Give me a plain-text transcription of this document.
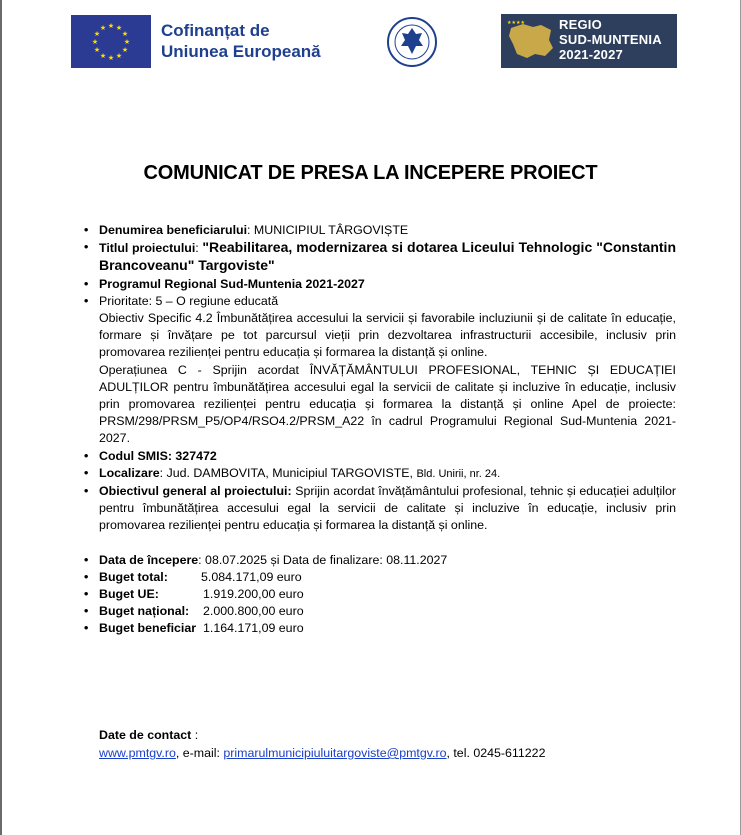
★ ★
★
★
★
★
★
★
★
★
★
★	Cofinanțat de
Uniunea Europeană
★★★★	REGIO
SUD-MUNTENIA
2021-2027
COMUNICAT DE PRESA LA INCEPERE PROIECT
• Denumirea beneficiarului: MUNICIPIUL TÂRGOVIȘTE
• Titlul proiectului: "Reabilitarea, modernizarea si dotarea Liceului Tehnologic "Constantin Brancoveanu" Targoviste"
• Programul Regional Sud-Muntenia 2021-2027
• Prioritate: 5 – O regiune educată
Obiectiv Specific 4.2 Îmbunătățirea accesului la servicii și favorabile incluziunii și de calitate în educație, formare și învățare pe tot parcursul vieții prin dezvoltarea infrastructurii accesibile, inclusiv prin promovarea rezilienței pentru educația și formarea la distanță și online.
Operațiunea C - Sprijin acordat ÎNVĂȚĂMÂNTULUI PROFESIONAL, TEHNIC ȘI EDUCAȚIEI ADULȚILOR pentru îmbunătățirea accesului egal la servicii de calitate și incluzive în educație, inclusiv prin promovarea rezilienței pentru educația și formarea la distanță și online Apel de proiecte: PRSM/298/PRSM_P5/OP4/RSO4.2/PRSM_A22 în cadrul Programului Regional Sud-Muntenia 2021-2027.
• Codul SMIS: 327472
• Localizare: Jud. DAMBOVITA, Municipiul TARGOVISTE, Bld. Unirii, nr. 24.
• Obiectivul general al proiectului: Sprijin acordat învățământului profesional, tehnic și educației adulților pentru îmbunătățirea accesului egal la servicii de calitate și incluzive în educație, inclusiv prin promovarea rezilienței pentru educația și formarea la distanță și online.
• Data de începere: 08.07.2025 și Data de finalizare: 08.11.2027
• Buget total:	5.084.171,09 euro
• Buget UE:	1.919.200,00 euro
• Buget național: 2.000.800,00 euro
• Buget beneficiar 1.164.171,09 euro
Date de contact :
www.pmtgv.ro, e-mail: primarulmunicipiuluitargoviste@pmtgv.ro, tel. 0245-611222
